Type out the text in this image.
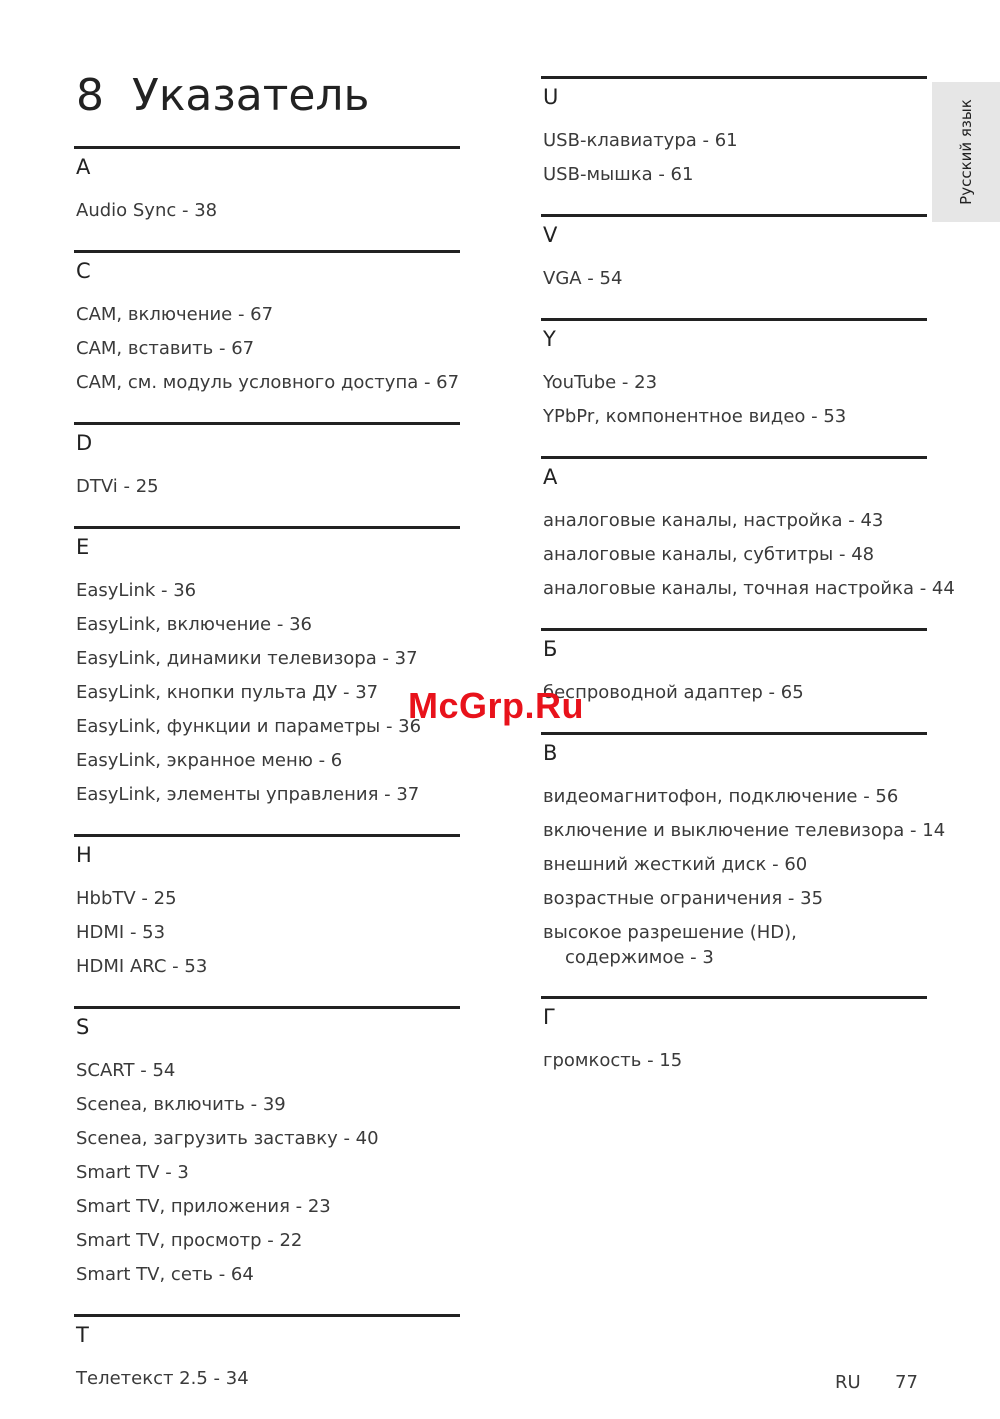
8 Указатель
Русский язык
A
Audio Sync - 38
C
CAM, включение - 67
CAM, вставить - 67
CAM, см. модуль условного доступа - 67
D
DTVi - 25
E
EasyLink - 36
EasyLink, включение - 36
EasyLink, динамики телевизора - 37
EasyLink, кнопки пульта ДУ - 37
EasyLink, функции и параметры - 36
EasyLink, экранное меню - 6
EasyLink, элементы управления - 37
H
HbbTV - 25
HDMI - 53
HDMI ARC - 53
S
SCART - 54
Scenea, включить - 39
Scenea, загрузить заставку - 40
Smart TV - 3
Smart TV, приложения - 23
Smart TV, просмотр - 22
Smart TV, сеть - 64
T
Телетекст 2.5 - 34
U
USB-клавиатура - 61
USB-мышка - 61
V
VGA - 54
Y
YouTube - 23
YPbPr, компонентное видео - 53
А
аналоговые каналы, настройка - 43
аналоговые каналы, субтитры - 48
аналоговые каналы, точная настройка - 44
Б
беспроводной адаптер - 65
В
видеомагнитофон, подключение - 56
включение и выключение телевизора - 14
внешний жесткий диск - 60
возрастные ограничения - 35
высокое разрешение (HD),
содержимое - 3
Г
громкость - 15
McGrp.Ru
RU 77
